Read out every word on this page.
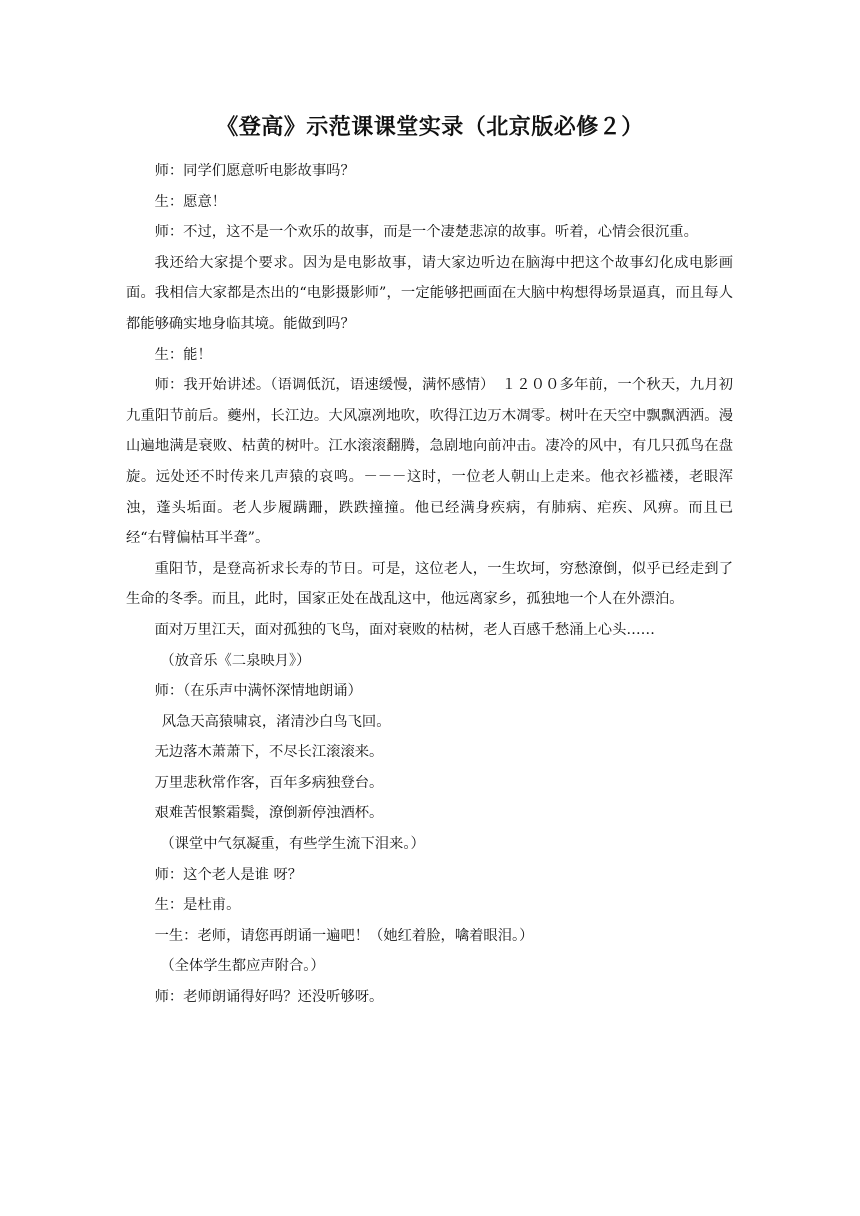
《登高》示范课课堂实录（北京版必修２）

师：同学们愿意听电影故事吗？

生：愿意！

师：不过，这不是一个欢乐的故事，而是一个凄楚悲凉的故事。听着，心情会很沉重。

我还给大家提个要求。因为是电影故事，请大家边听边在脑海中把这个故事幻化成电影画面。我相信大家都是杰出的“电影摄影师”，一定能够把画面在大脑中构想得场景逼真，而且每人都能够确实地身临其境。能做到吗？

生：能！

师：我开始讲述。（语调低沉，语速缓慢，满怀感情）　１２００多年前，一个秋天，九月初九重阳节前后。夔州，长江边。大风凛冽地吹，吹得江边万木凋零。树叶在天空中飘飘洒洒。漫山遍地满是衰败、枯黄的树叶。江水滚滚翻腾，急剧地向前冲击。凄冷的风中，有几只孤鸟在盘旋。远处还不时传来几声猿的哀鸣。－－－这时，一位老人朝山上走来。他衣衫褴褛，老眼浑浊，蓬头垢面。老人步履蹒跚，跌跌撞撞。他已经满身疾病，有肺病、疟疾、风痹。而且已经“右臂偏枯耳半聋”。

重阳节，是登高祈求长寿的节日。可是，这位老人，一生坎坷，穷愁潦倒，似乎已经走到了生命的冬季。而且，此时，国家正处在战乱这中，他远离家乡，孤独地一个人在外漂泊。

面对万里江天，面对孤独的飞鸟，面对衰败的枯树，老人百感千愁涌上心头……

（放音乐《二泉映月》）

师：（在乐声中满怀深情地朗诵）

风急天高猿啸哀，渚清沙白鸟飞回。

无边落木萧萧下，不尽长江滚滚来。

万里悲秋常作客，百年多病独登台。

艰难苦恨繁霜鬓，潦倒新停浊酒杯。

（课堂中气氛凝重，有些学生流下泪来。）

师：这个老人是谁 呀？

生：是杜甫。

一生：老师，请您再朗诵一遍吧！（她红着脸，噙着眼泪。）

（全体学生都应声附合。）

师：老师朗诵得好吗？还没听够呀。
